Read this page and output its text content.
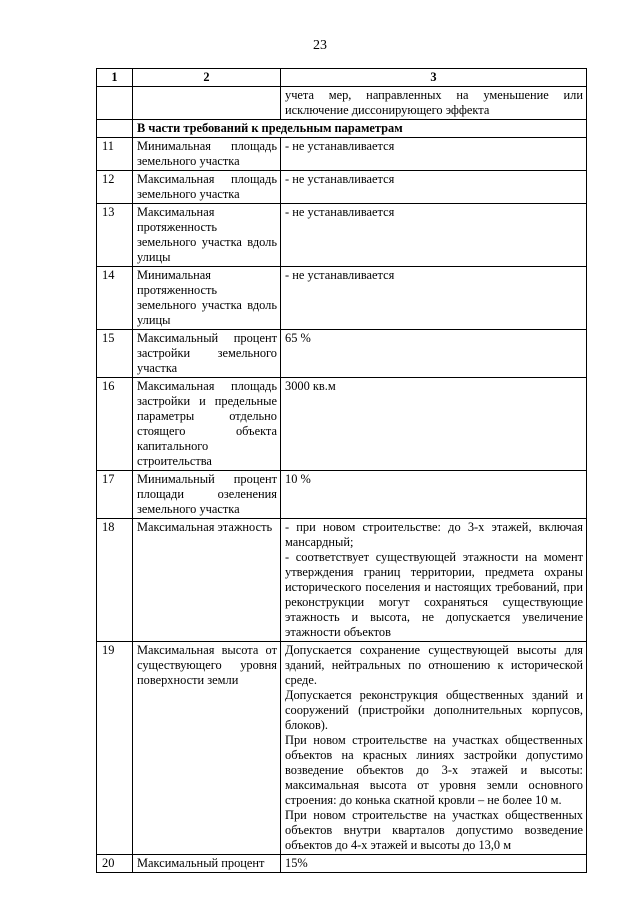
23
1	2	3
		учета мер, направленных на уменьшение или исключение диссонирующего эффекта
	В части требований к предельным параметрам	
11	Минимальная площадь земельного участка	- не устанавливается

12	Максимальная площадь земельного участка	- не устанавливается

13	Максимальная протяженность земельного участка вдоль улицы	- не устанавливается

14	Минимальная протяженность земельного участка вдоль улицы	- не устанавливается

15	Максимальный процент застройки земельного участка	65 %

16	Максимальная площадь застройки и предельные параметры отдельно стоящего объекта капитального строительства	3000 кв.м

17	Минимальный процент площади озеленения земельного участка	10 %

18	Максимальная этажность	- при новом строительстве: до 3-х этажей, включая мансардный;
- соответствует существующей этажности на момент утверждения границ территории, предмета охраны исторического поселения и настоящих требований, при реконструкции могут сохраняться существующие этажность и высота, не допускается увеличение этажности объектов

19	Максимальная высота от существующего уровня поверхности земли	Допускается сохранение существующей высоты для зданий, нейтральных по отношению к исторической среде.
Допускается реконструкция общественных зданий и сооружений (пристройки дополнительных корпусов, блоков).
При новом строительстве на участках общественных объектов на красных линиях застройки допустимо возведение объектов до 3-х этажей и высоты: максимальная высота от уровня земли основного строения: до конька скатной кровли – не более 10 м.
При новом строительстве на участках общественных объектов внутри кварталов допустимо возведение объектов до 4-х этажей и высоты до 13,0 м

20	Максимальный процент	15%
